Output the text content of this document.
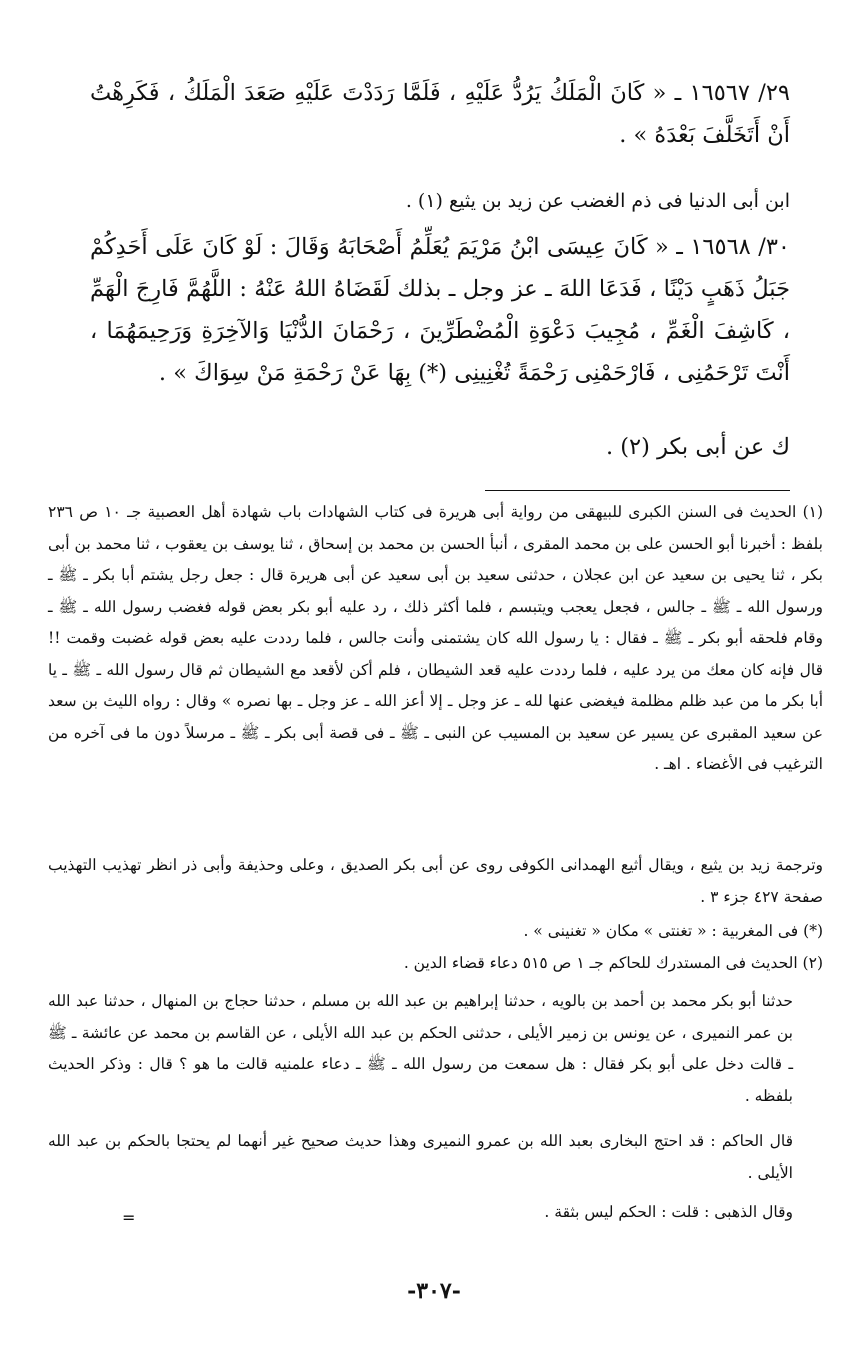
٢٩/ ١٦٥٦٧ ـ « كَانَ الْمَلَكُ يَرُدُّ عَلَيْهِ ، فَلَمَّا رَدَدْتَ عَلَيْهِ صَعَدَ الْمَلَكُ ، فَكَرِهْتُ أَنْ أَتَخَلَّفَ بَعْدَهُ » .

ابن أبى الدنيا فى ذم الغضب عن زيد بن يثيع (١) .

٣٠/ ١٦٥٦٨ ـ « كَانَ عِيسَى ابْنُ مَرْيَمَ يُعَلِّمُ أَصْحَابَهُ وَقَالَ : لَوْ كَانَ عَلَى أَحَدِكُمْ جَبَلُ ذَهَبٍ دَيْنًا ، فَدَعَا اللهَ ـ عز وجل ـ بذلك لَقَضَاهُ اللهُ عَنْهُ : اللَّهُمَّ فَارِجَ الْهَمِّ ، كَاشِفَ الْغَمِّ ، مُجِيبَ دَعْوَةِ الْمُضْطَرِّينَ ، رَحْمَانَ الدُّنْيَا وَالآخِرَةِ وَرَحِيمَهُمَا ، أَنْتَ تَرْحَمُنِى ، فَارْحَمْنِى رَحْمَةً تُغْنِينِى (*) بِهَا عَنْ رَحْمَةِ مَنْ سِوَاكَ » .

ك عن أبى بكر (٢) .

(١) الحديث فى السنن الكبرى للبيهقى من رواية أبى هريرة فى كتاب الشهادات باب شهادة أهل العصبية جـ ١٠ ص ٢٣٦ بلفظ : أخبرنا أبو الحسن على بن محمد المقرى ، أنبأ الحسن بن محمد بن إسحاق ، ثنا يوسف بن يعقوب ، ثنا محمد بن أبى بكر ، ثنا يحيى بن سعيد عن ابن عجلان ، حدثنى سعيد بن أبى سعيد عن أبى هريرة قال : جعل رجل يشتم أبا بكر ـ ﷺ ـ ورسول الله ـ ﷺ ـ جالس ، فجعل يعجب ويتبسم ، فلما أكثر ذلك ، رد عليه أبو بكر بعض قوله فغضب رسول الله ـ ﷺ ـ وقام فلحقه أبو بكر ـ ﷺ ـ فقال : يا رسول الله كان يشتمنى وأنت جالس ، فلما رددت عليه بعض قوله غضبت وقمت !! قال فإنه كان معك من يرد عليه ، فلما رددت عليه قعد الشيطان ، فلم أكن لأقعد مع الشيطان ثم قال رسول الله ـ ﷺ ـ يا أبا بكر ما من عبد ظلم مظلمة فيغضى عنها لله ـ عز وجل ـ إلا أعز الله ـ عز وجل ـ بها نصره » وقال : رواه الليث بن سعد عن سعيد المقبرى عن يسير عن سعيد بن المسيب عن النبى ـ ﷺ ـ فى قصة أبى بكر ـ ﷺ ـ مرسلاً دون ما فى آخره من الترغيب فى الأغضاء . اهـ .

وترجمة زيد بن يثيع ، ويقال أثيع الهمدانى الكوفى روى عن أبى بكر الصديق ، وعلى وحذيفة وأبى ذر انظر تهذيب التهذيب صفحة ٤٢٧ جزء ٣ .

(*) فى المغربية : « تغنتى » مكان « تغنينى » .

(٢) الحديث فى المستدرك للحاكم جـ ١ ص ٥١٥ دعاء قضاء الدين .

حدثنا أبو بكر محمد بن أحمد بن بالويه ، حدثنا إبراهيم بن عبد الله بن مسلم ، حدثنا حجاج بن المنهال ، حدثنا عبد الله بن عمر النميرى ، عن يونس بن زمير الأيلى ، حدثنى الحكم بن عبد الله الأيلى ، عن القاسم بن محمد عن عائشة ـ ﷺ ـ قالت دخل على أبو بكر فقال : هل سمعت من رسول الله ـ ﷺ ـ دعاء علمنيه قالت ما هو ؟ قال : وذكر الحديث بلفظه .

قال الحاكم : قد احتج البخارى بعبد الله بن عمرو النميرى وهذا حديث صحيح غير أنهما لم يحتجا بالحكم بن عبد الله الأيلى .

وقال الذهبى : قلت : الحكم ليس بثقة .

=
-٣٠٧-
